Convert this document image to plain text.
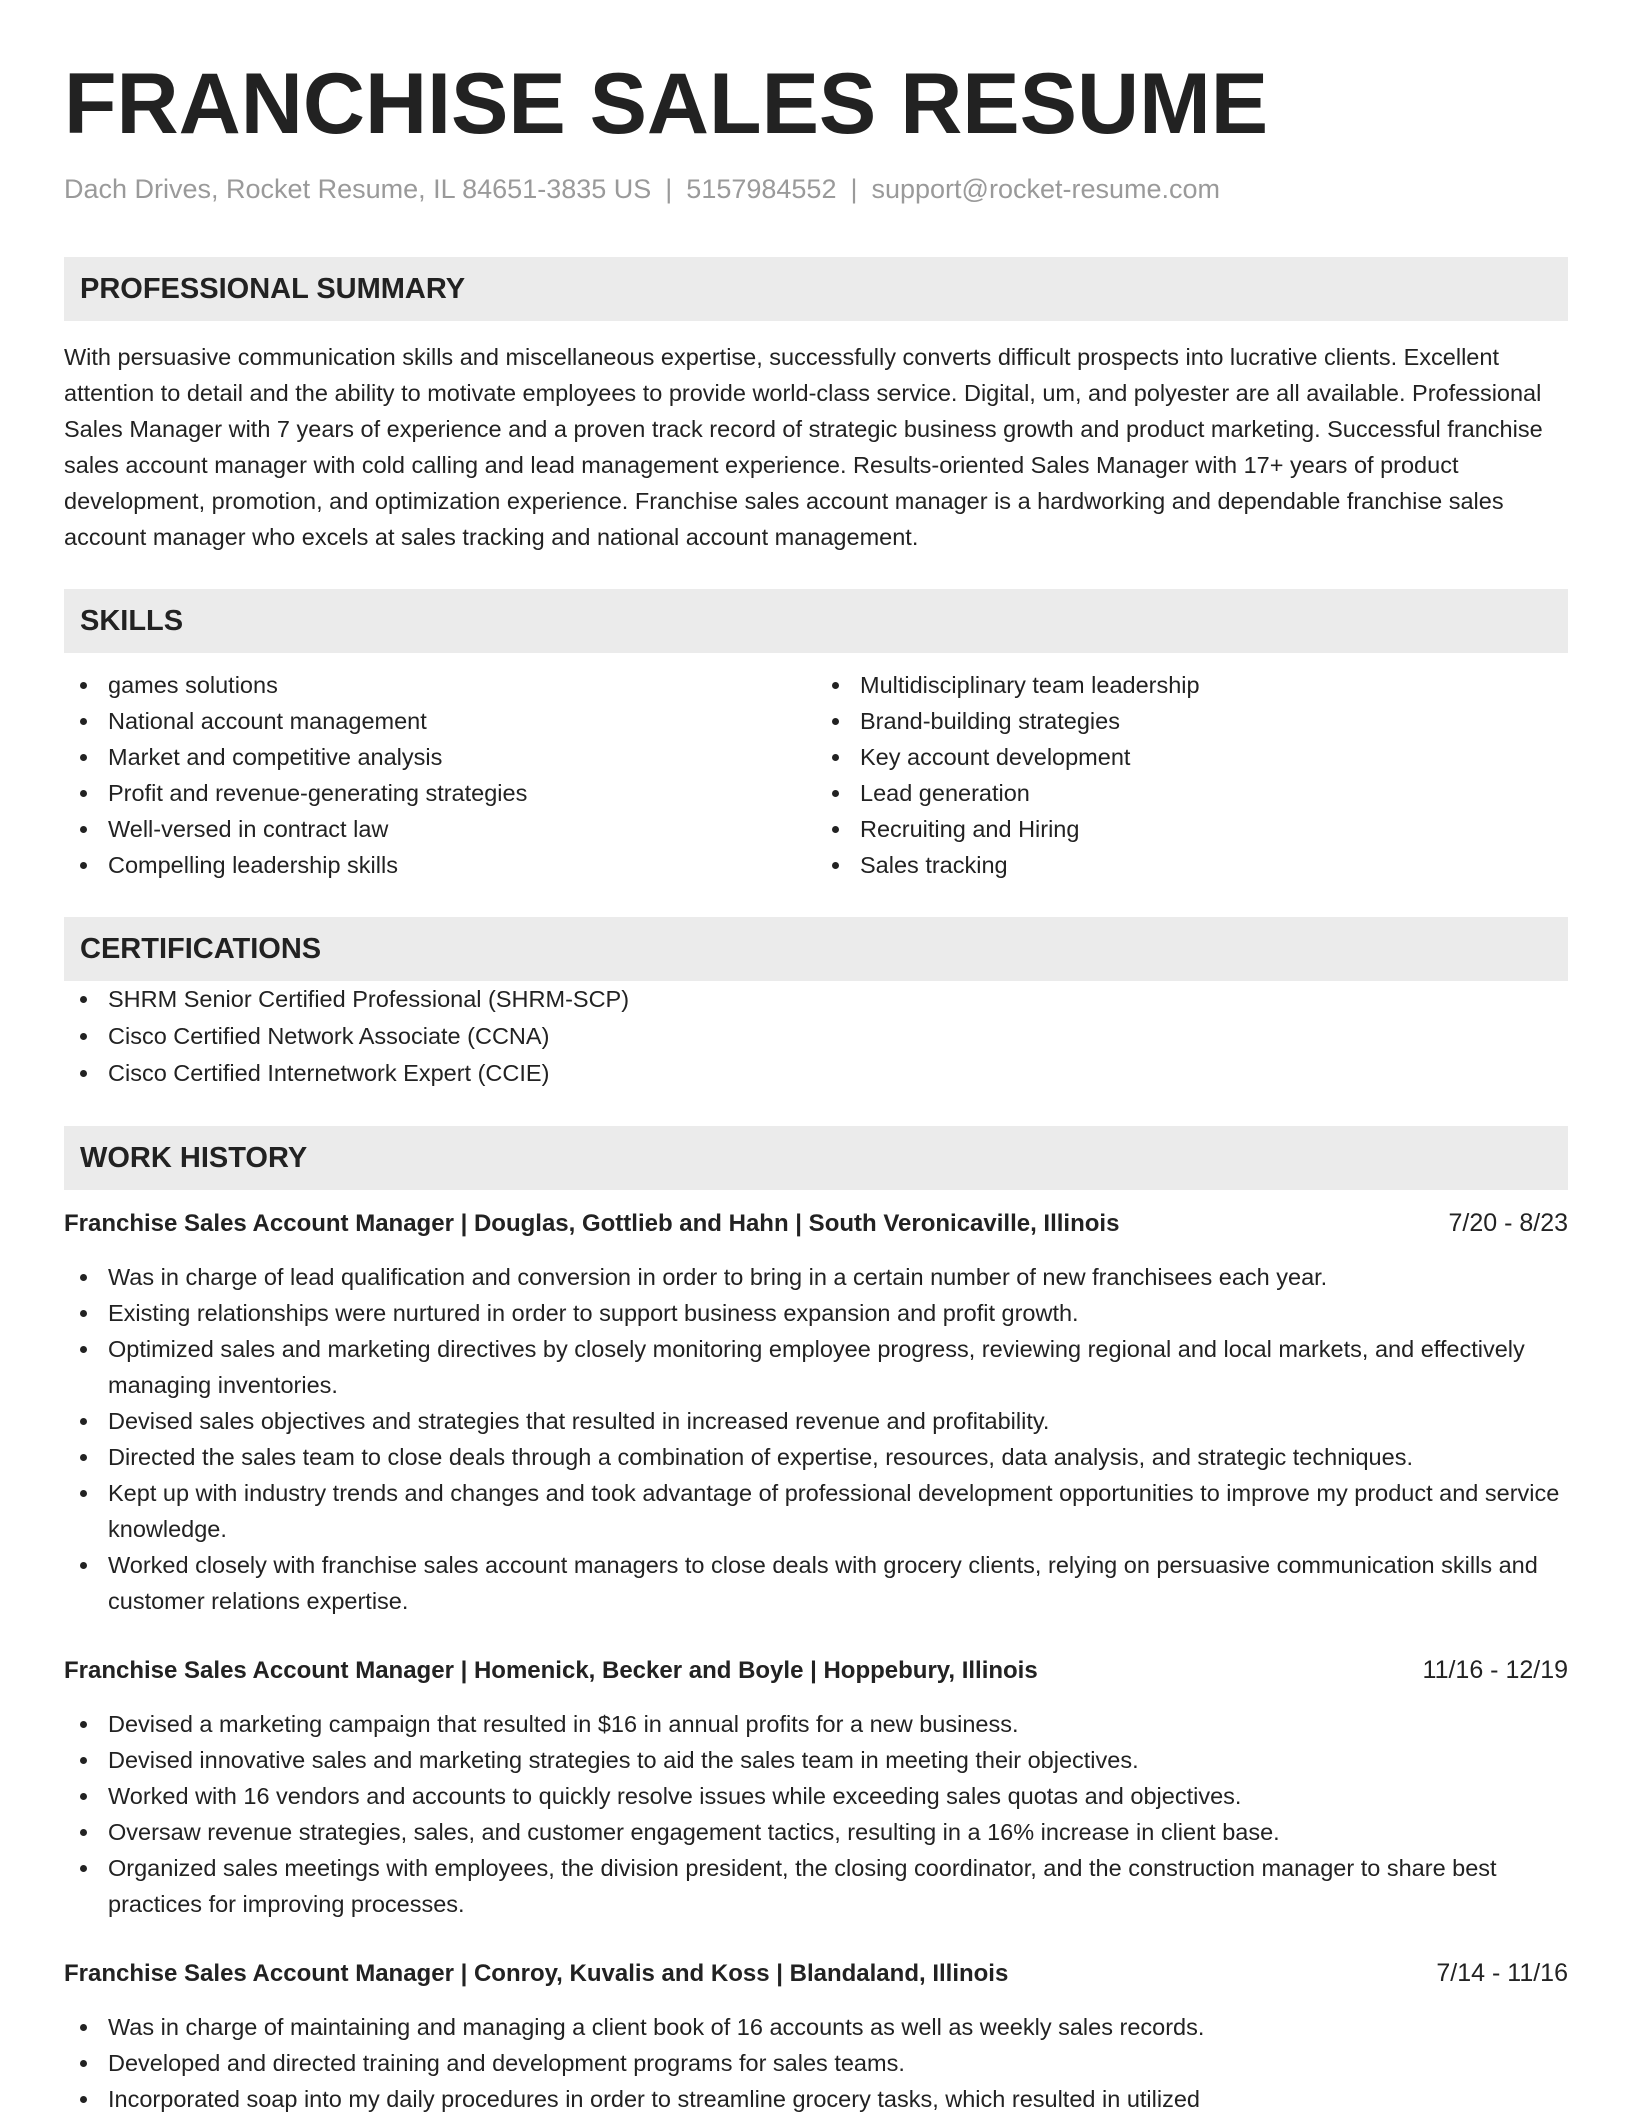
FRANCHISE SALES RESUME
Dach Drives, Rocket Resume, IL 84651-3835 US | 5157984552 | support@rocket-resume.com
PROFESSIONAL SUMMARY

With persuasive communication skills and miscellaneous expertise, successfully converts difficult prospects into lucrative clients. Excellent attention to detail and the ability to motivate employees to provide world-class service. Digital, um, and polyester are all available. Professional Sales Manager with 7 years of experience and a proven track record of strategic business growth and product marketing. Successful franchise sales account manager with cold calling and lead management experience. Results-oriented Sales Manager with 17+ years of product development, promotion, and optimization experience. Franchise sales account manager is a hardworking and dependable franchise sales account manager who excels at sales tracking and national account management.

SKILLS
games solutions
National account management
Market and competitive analysis
Profit and revenue-generating strategies
Well-versed in contract law
Compelling leadership skills
Multidisciplinary team leadership
Brand-building strategies
Key account development
Lead generation
Recruiting and Hiring
Sales tracking
CERTIFICATIONS
SHRM Senior Certified Professional (SHRM-SCP)
Cisco Certified Network Associate (CCNA)
Cisco Certified Internetwork Expert (CCIE)
WORK HISTORY
Franchise Sales Account Manager | Douglas, Gottlieb and Hahn | South Veronicaville, Illinois	7/20 - 8/23
Was in charge of lead qualification and conversion in order to bring in a certain number of new franchisees each year.
Existing relationships were nurtured in order to support business expansion and profit growth.
Optimized sales and marketing directives by closely monitoring employee progress, reviewing regional and local markets, and effectively managing inventories.
Devised sales objectives and strategies that resulted in increased revenue and profitability.
Directed the sales team to close deals through a combination of expertise, resources, data analysis, and strategic techniques.
Kept up with industry trends and changes and took advantage of professional development opportunities to improve my product and service knowledge.
Worked closely with franchise sales account managers to close deals with grocery clients, relying on persuasive communication skills and customer relations expertise.
Franchise Sales Account Manager | Homenick, Becker and Boyle | Hoppebury, Illinois	11/16 - 12/19
Devised a marketing campaign that resulted in $16 in annual profits for a new business.
Devised innovative sales and marketing strategies to aid the sales team in meeting their objectives.
Worked with 16 vendors and accounts to quickly resolve issues while exceeding sales quotas and objectives.
Oversaw revenue strategies, sales, and customer engagement tactics, resulting in a 16% increase in client base.
Organized sales meetings with employees, the division president, the closing coordinator, and the construction manager to share best practices for improving processes.
Franchise Sales Account Manager | Conroy, Kuvalis and Koss | Blandaland, Illinois	7/14 - 11/16
Was in charge of maintaining and managing a client book of 16 accounts as well as weekly sales records.
Developed and directed training and development programs for sales teams.
Incorporated soap into my daily procedures in order to streamline grocery tasks, which resulted in utilized
